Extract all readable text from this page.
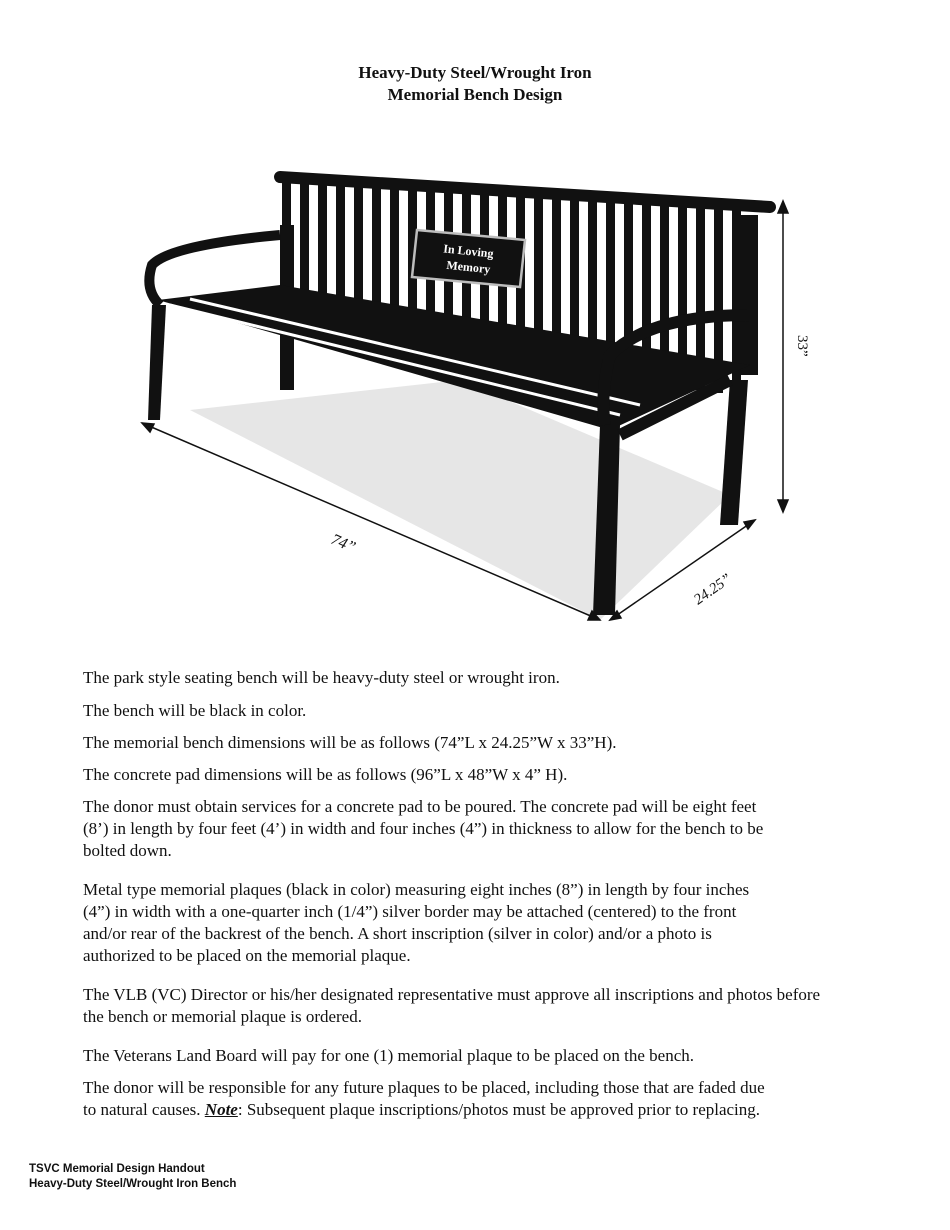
Heavy-Duty Steel/Wrought Iron
Memorial Bench Design
In Loving
Memory
74”
24.25”
33”

The park style seating bench will be heavy-duty steel or wrought iron.

The bench will be black in color.

The memorial bench dimensions will be as follows (74”L x 24.25”W x 33”H).

The concrete pad dimensions will be as follows (96”L x 48”W x 4” H).

The donor must obtain services for a concrete pad to be poured. The concrete pad will be eight feet
(8’) in length by four feet (4’) in width and four inches (4”) in thickness to allow for the bench to be
bolted down.
Metal type memorial plaques (black in color) measuring eight inches (8”) in length by four inches
(4”) in width with a one-quarter inch (1/4”) silver border may be attached (centered) to the front
and/or rear of the backrest of the bench. A short inscription (silver in color) and/or a photo is
authorized to be placed on the memorial plaque.
The VLB (VC) Director or his/her designated representative must approve all inscriptions and photos before
the bench or memorial plaque is ordered.

The Veterans Land Board will pay for one (1) memorial plaque to be placed on the bench.

The donor will be responsible for any future plaques to be placed, including those that are faded due
to natural causes. Note: Subsequent plaque inscriptions/photos must be approved prior to replacing.
TSVC Memorial Design Handout
Heavy-Duty Steel/Wrought Iron Bench
